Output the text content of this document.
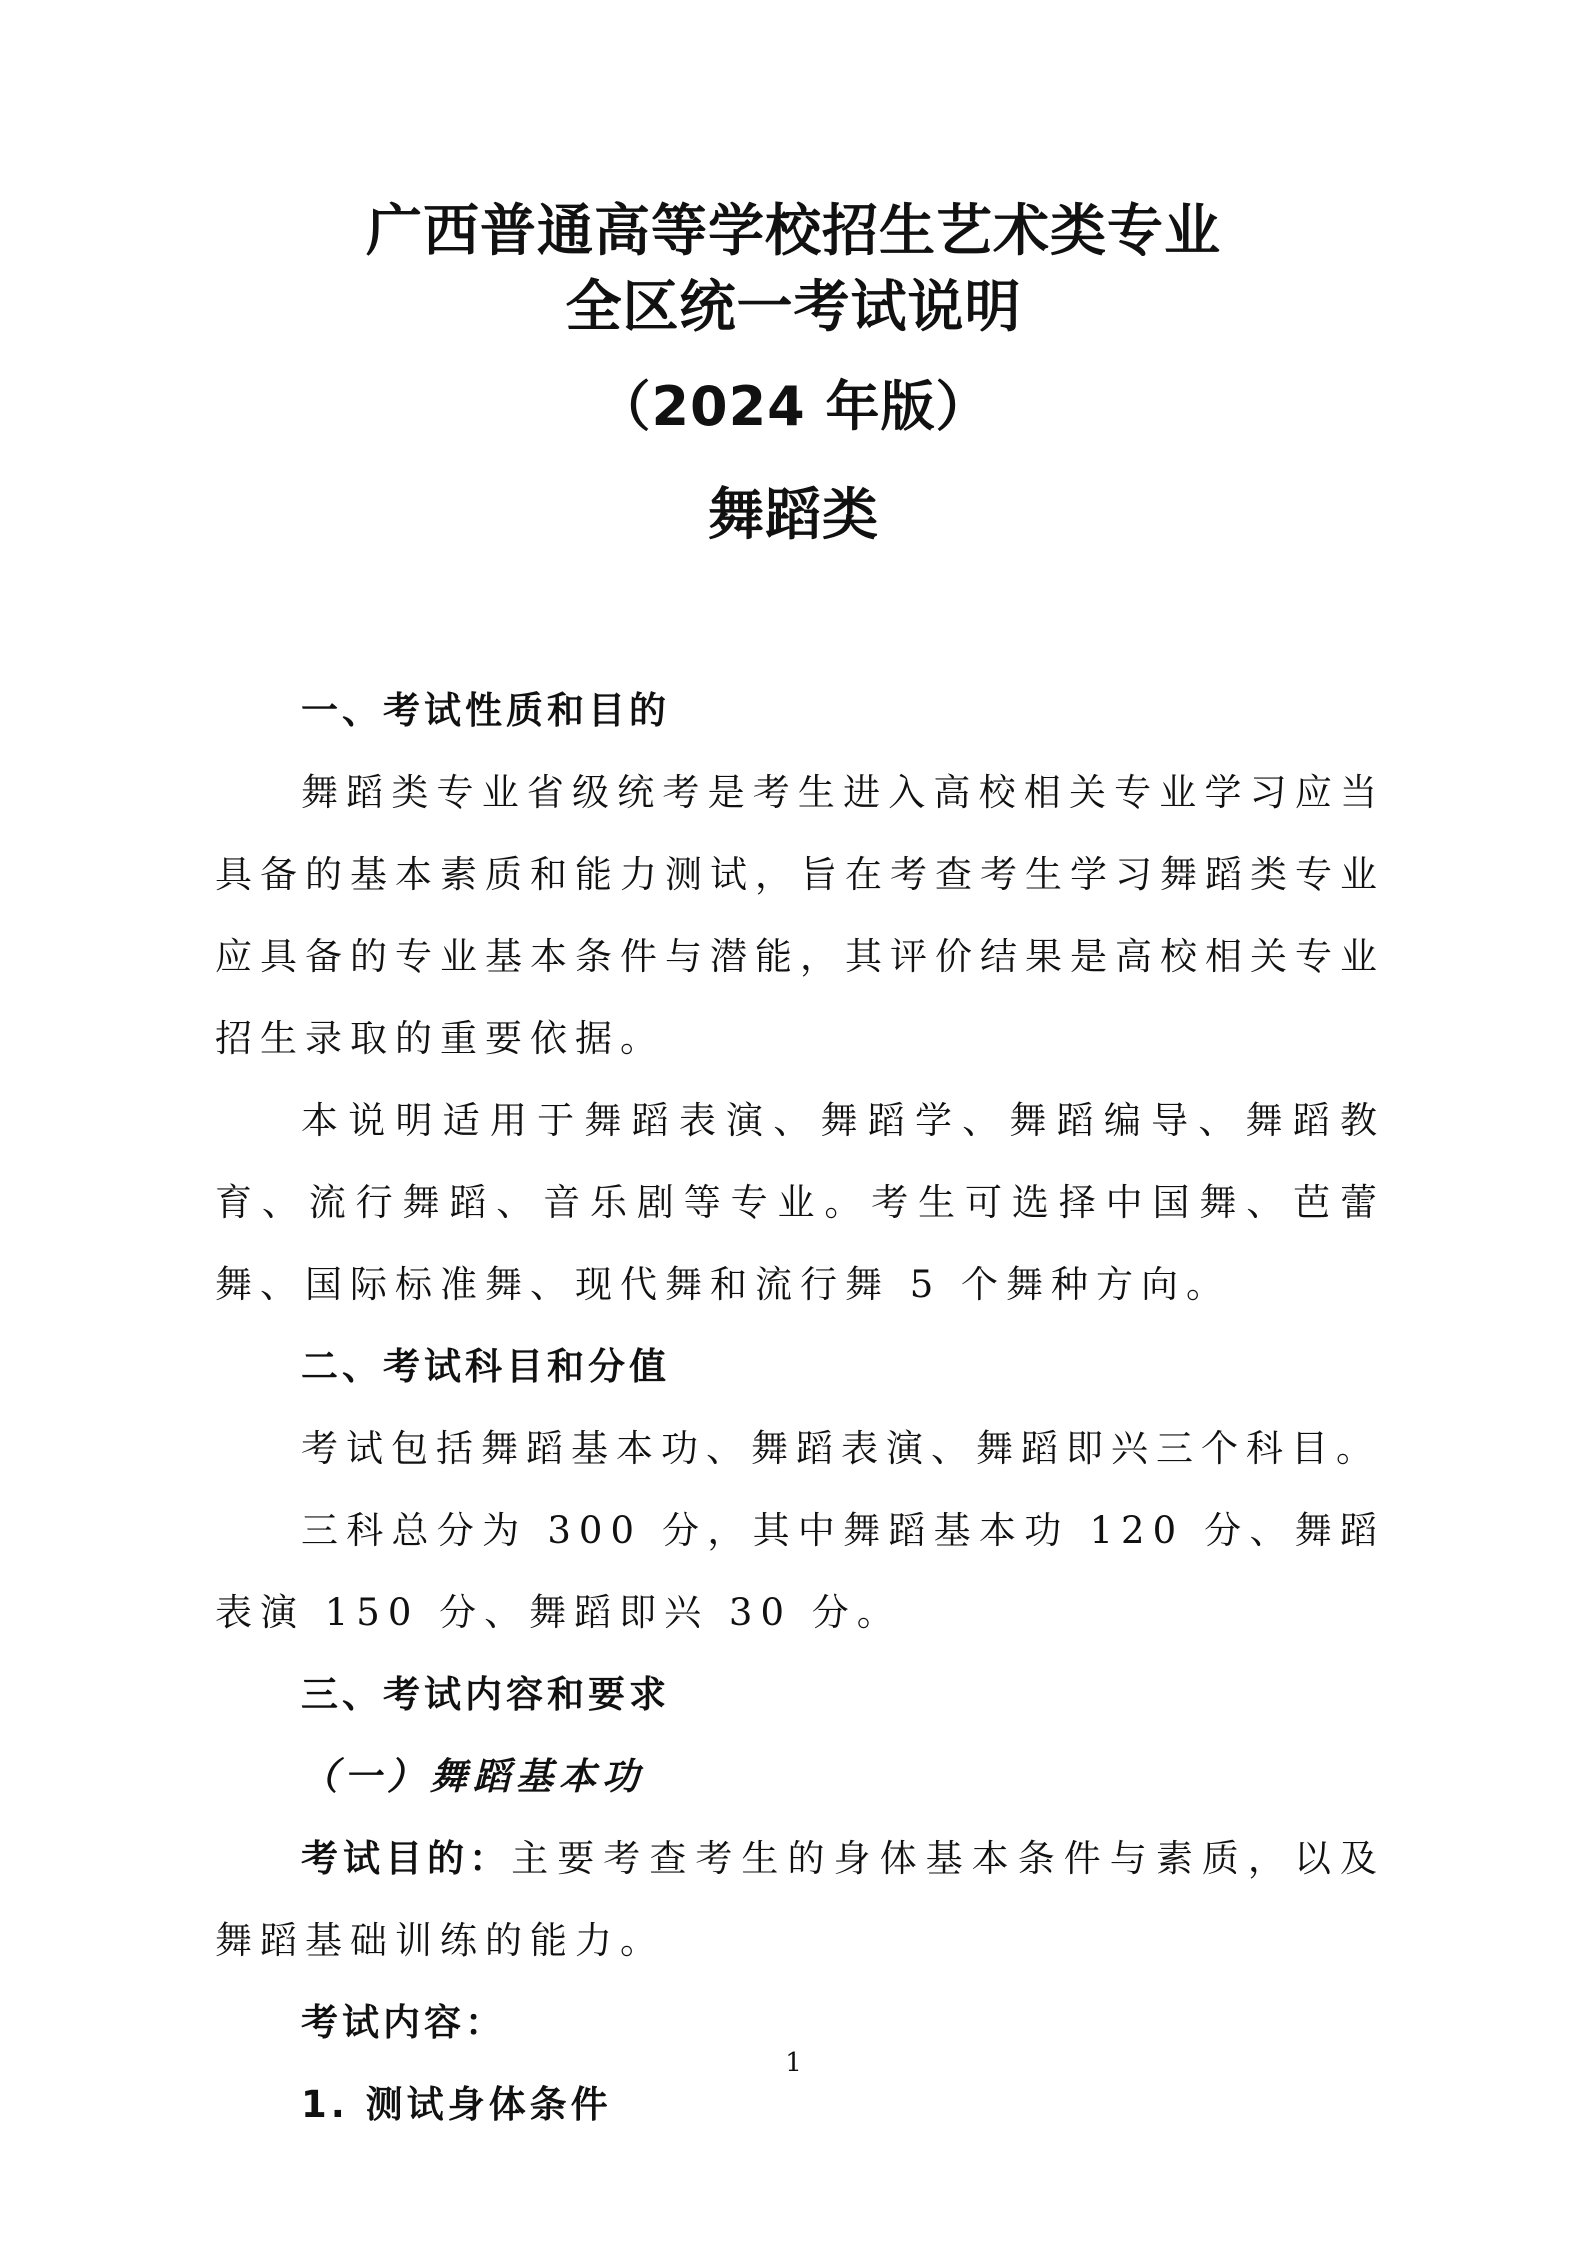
广西普通高等学校招生艺术类专业
全区统一考试说明
（2024 年版）
舞蹈类

一、考试性质和目的

舞蹈类专业省级统考是考生进入高校相关专业学习应当具备的基本素质和能力测试，旨在考查考生学习舞蹈类专业应具备的专业基本条件与潜能，其评价结果是高校相关专业招生录取的重要依据。

本说明适用于舞蹈表演、舞蹈学、舞蹈编导、舞蹈教育、流行舞蹈、音乐剧等专业。考生可选择中国舞、芭蕾舞、国际标准舞、现代舞和流行舞 5 个舞种方向。

二、考试科目和分值

考试包括舞蹈基本功、舞蹈表演、舞蹈即兴三个科目。

三科总分为 300 分，其中舞蹈基本功 120 分、舞蹈表演 150 分、舞蹈即兴 30 分。

三、考试内容和要求

（一）舞蹈基本功

考试目的：主要考查考生的身体基本条件与素质，以及舞蹈基础训练的能力。

考试内容：

1. 测试身体条件

1
